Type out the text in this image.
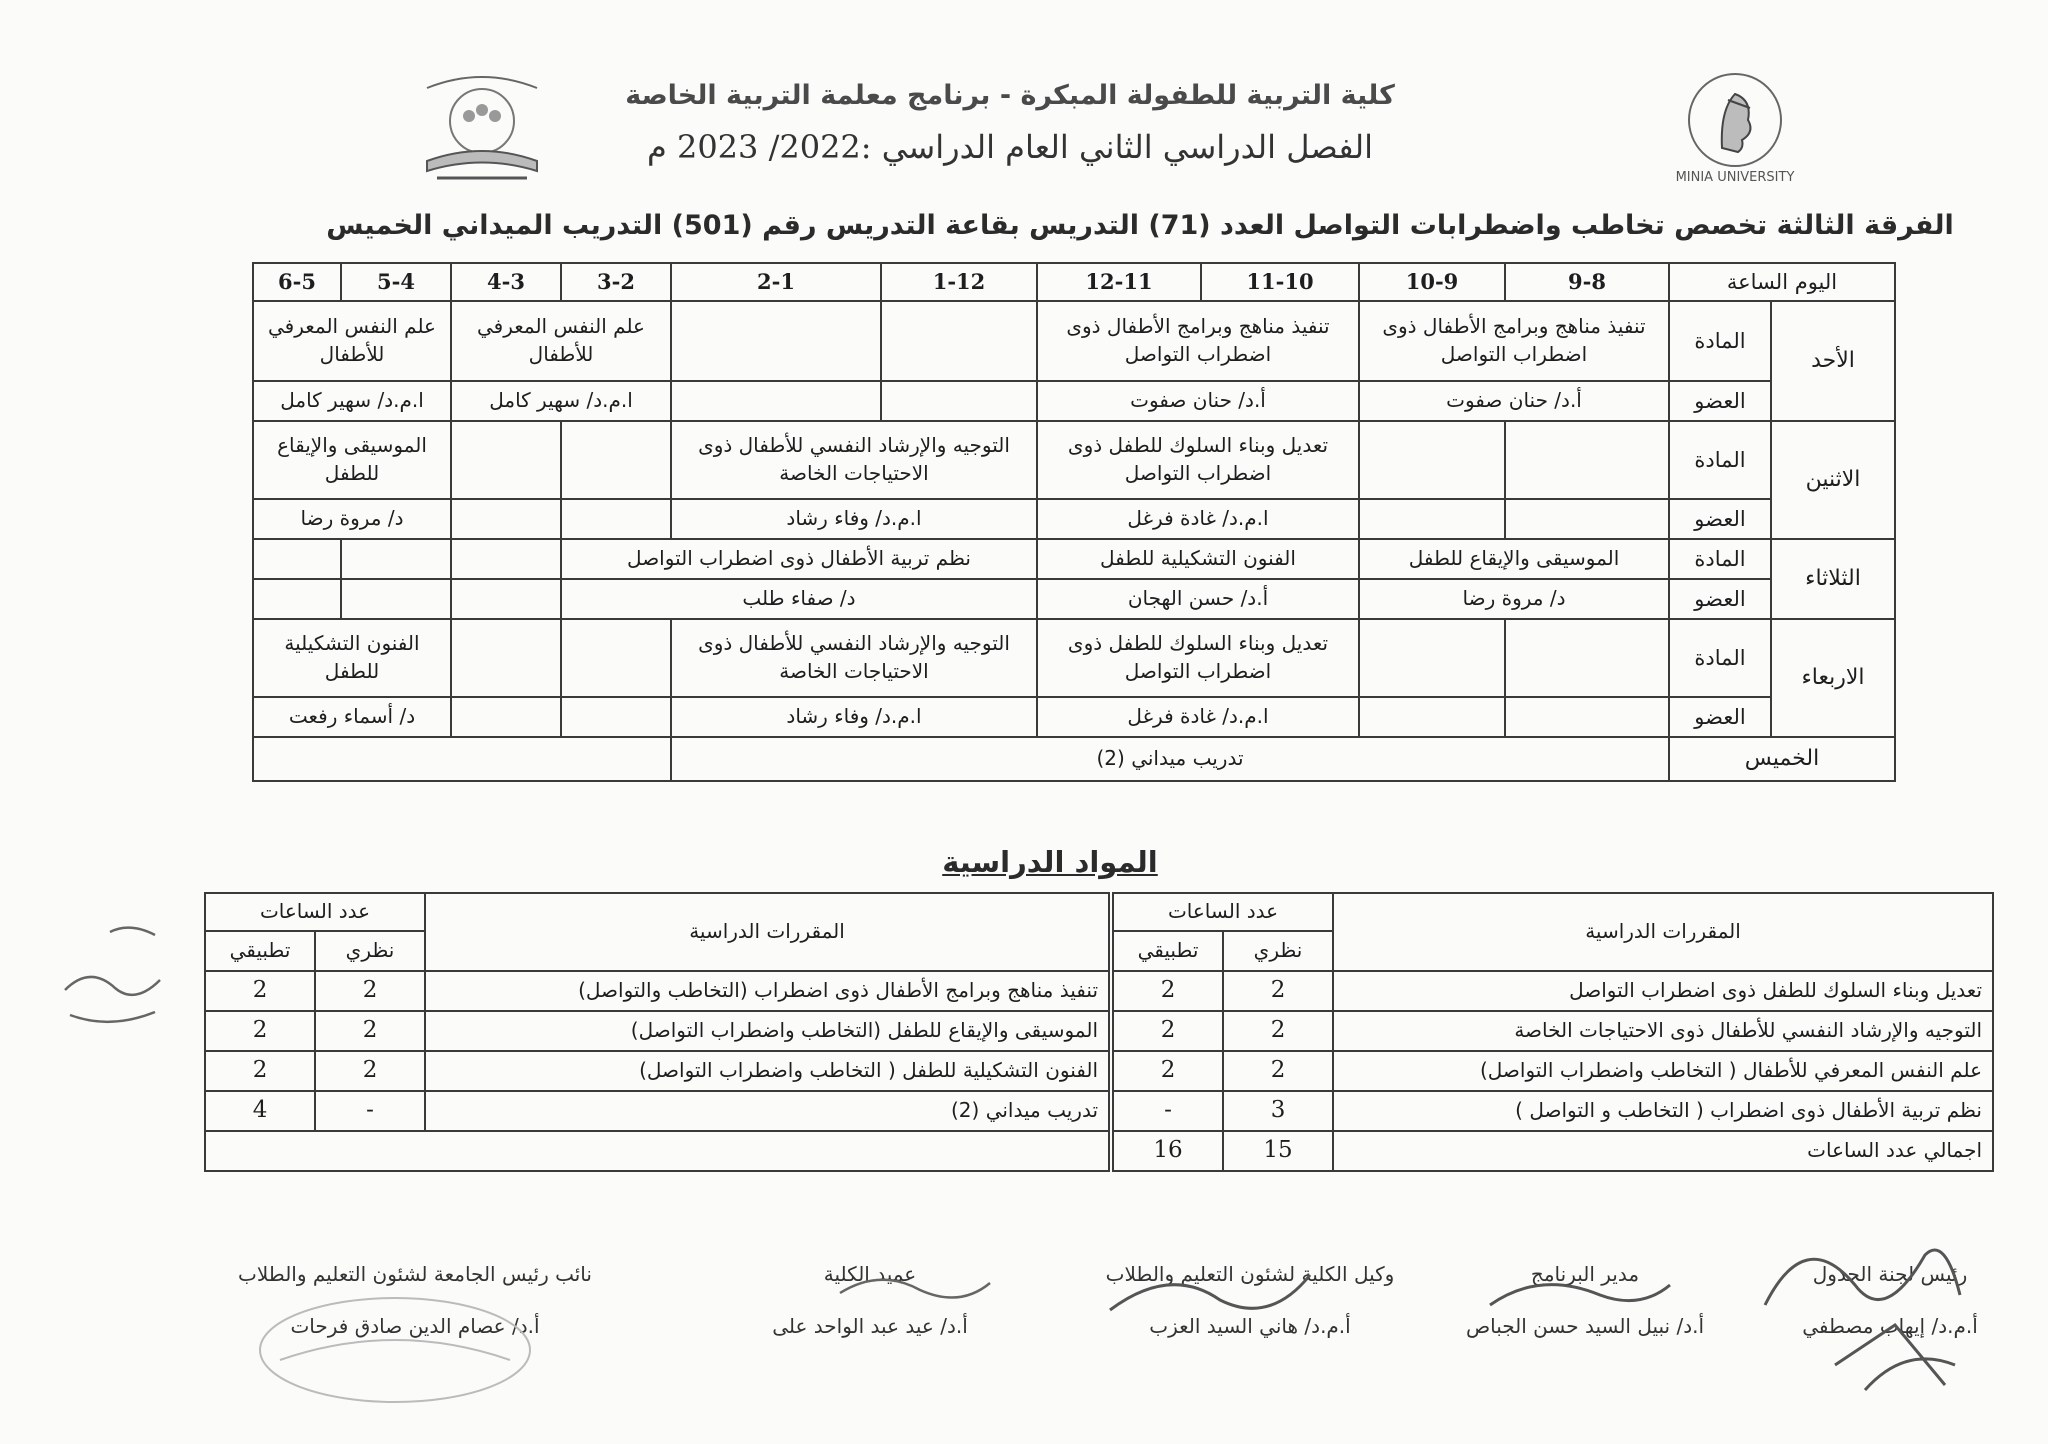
كلية التربية للطفولة المبكرة - برنامج معلمة التربية الخاصة
الفصل الدراسي الثاني العام الدراسي :2022/ 2023 م
MINIA UNIVERSITY
الفرقة الثالثة تخصص تخاطب واضطرابات التواصل العدد (71) التدريس بقاعة التدريس رقم (501) التدريب الميداني الخميس
اليوم الساعة		9-8	10-9	11-10	12-11	1-12	2-1	3-2	4-3	5-4	6-5
الأحد	المادة	تنفيذ مناهج وبرامج الأطفال ذوى اضطراب التواصل		تنفيذ مناهج وبرامج الأطفال ذوى اضطراب التواصل				علم النفس المعرفي للأطفال		علم النفس المعرفي للأطفال	
	العضو	أ.د/ حنان صفوت		أ.د/ حنان صفوت				ا.م.د/ سهير كامل		ا.م.د/ سهير كامل	
الاثنين	المادة			تعديل وبناء السلوك للطفل ذوى اضطراب التواصل		التوجيه والإرشاد النفسي للأطفال ذوى الاحتياجات الخاصة				الموسيقى والإيقاع للطفل	
	العضو			ا.م.د/ غادة فرغل		ا.م.د/ وفاء رشاد				د/ مروة رضا	
الثلاثاء	المادة	الموسيقى والإيقاع للطفل		الفنون التشكيلية للطفل		نظم تربية الأطفال ذوى اضطراب التواصل					
	العضو	د/ مروة رضا		أ.د/ حسن الهجان		د/ صفاء طلب					
الاربعاء	المادة			تعديل وبناء السلوك للطفل ذوى اضطراب التواصل		التوجيه والإرشاد النفسي للأطفال ذوى الاحتياجات الخاصة				الفنون التشكيلية للطفل	
	العضو			ا.م.د/ غادة فرغل		ا.م.د/ وفاء رشاد				د/ أسماء رفعت	
الخميس		تدريب ميداني (2)									
المواد الدراسية
المقررات الدراسية	عدد الساعات	
	نظري	تطبيقي
تعديل وبناء السلوك للطفل ذوى اضطراب التواصل	2	2
التوجيه والإرشاد النفسي للأطفال ذوى الاحتياجات الخاصة	2	2
علم النفس المعرفي للأطفال ( التخاطب واضطراب التواصل)	2	2
نظم تربية الأطفال ذوى اضطراب ( التخاطب و التواصل )	3	-
اجمالي عدد الساعات	15	16
المقررات الدراسية	عدد الساعات	
	نظري	تطبيقي
تنفيذ مناهج وبرامج الأطفال ذوى اضطراب (التخاطب والتواصل)	2	2
الموسيقى والإيقاع للطفل (التخاطب واضطراب التواصل)	2	2
الفنون التشكيلية للطفل ( التخاطب واضطراب التواصل)	2	2
تدريب ميداني (2)	-	4

رئيس لجنة الجدول
أ.م.د/ إيهاب مصطفي
مدير البرنامج
أ.د/ نبيل السيد حسن الجباص
وكيل الكلية لشئون التعليم والطلاب
أ.م.د/ هاني السيد العزب
عميد الكلية
أ.د/ عيد عبد الواحد على
نائب رئيس الجامعة لشئون التعليم والطلاب
أ.د/ عصام الدين صادق فرحات
